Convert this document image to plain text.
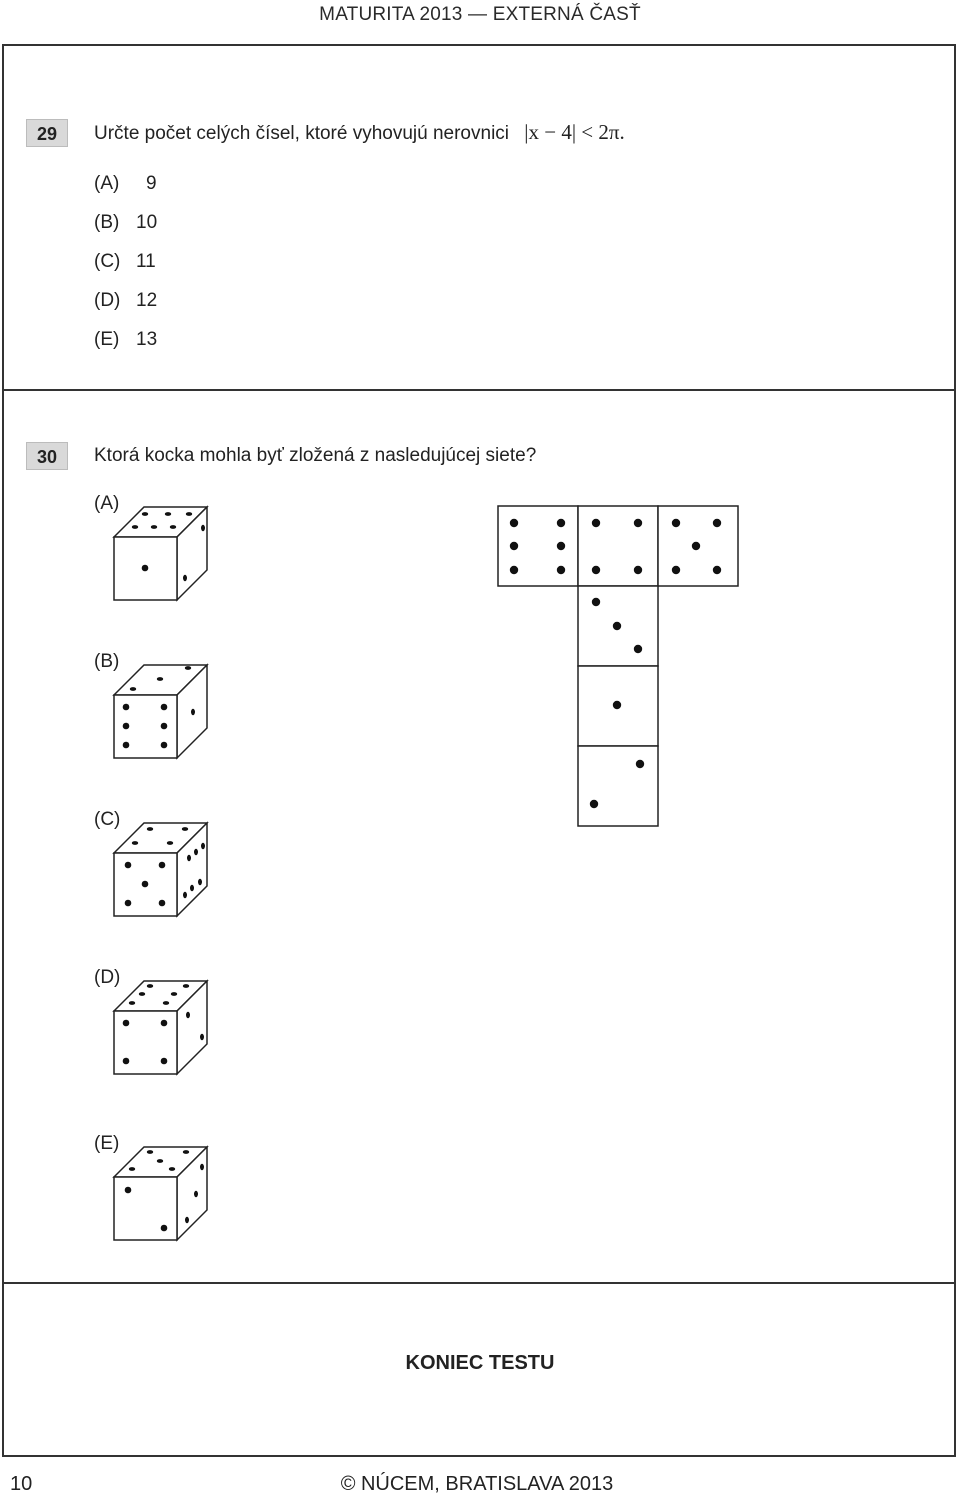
MATURITA 2013 — EXTERNÁ ČASŤ
29	Určte počet celých čísel, ktoré vyhovujú nerovnici |x − 4| < 2π.
(A) 9
(B) 10
(C) 11
(D) 12
(E) 13
30	Ktorá kocka mohla byť zložená z nasledujúcej siete?
(A)
(B)
(C)
(D)
(E)
KONIEC TESTU
10	© NÚCEM, BRATISLAVA 2013
